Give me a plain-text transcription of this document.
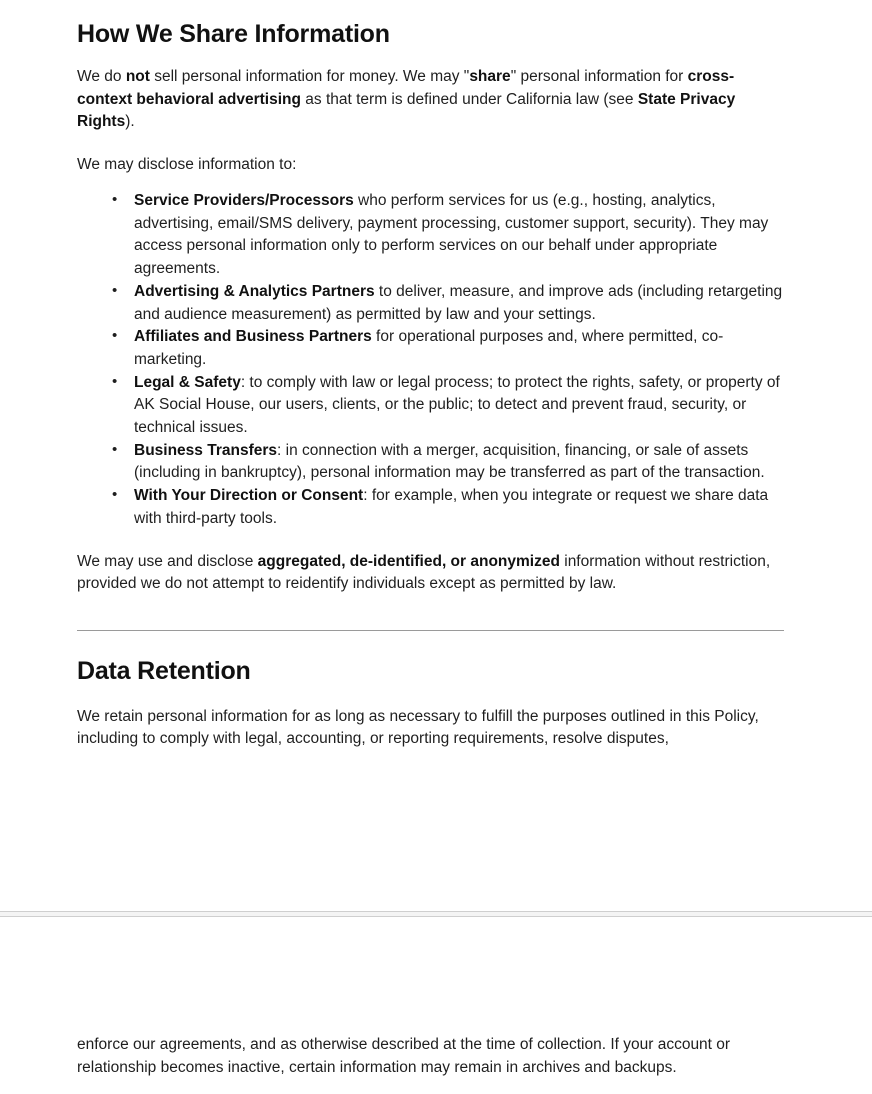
How We Share Information

We do not sell personal information for money. We may "share" personal information for cross-context behavioral advertising as that term is defined under California law (see State Privacy Rights).

We may disclose information to:

• Service Providers/Processors who perform services for us (e.g., hosting, analytics, advertising, email/SMS delivery, payment processing, customer support, security). They may access personal information only to perform services on our behalf under appropriate agreements.
• Advertising & Analytics Partners to deliver, measure, and improve ads (including retargeting and audience measurement) as permitted by law and your settings.
• Affiliates and Business Partners for operational purposes and, where permitted, co-marketing.
• Legal & Safety: to comply with law or legal process; to protect the rights, safety, or property of AK Social House, our users, clients, or the public; to detect and prevent fraud, security, or technical issues.
• Business Transfers: in connection with a merger, acquisition, financing, or sale of assets (including in bankruptcy), personal information may be transferred as part of the transaction.
• With Your Direction or Consent: for example, when you integrate or request we share data with third-party tools.

We may use and disclose aggregated, de-identified, or anonymized information without restriction, provided we do not attempt to reidentify individuals except as permitted by law.

Data Retention

We retain personal information for as long as necessary to fulfill the purposes outlined in this Policy, including to comply with legal, accounting, or reporting requirements, resolve disputes,

enforce our agreements, and as otherwise described at the time of collection. If your account or relationship becomes inactive, certain information may remain in archives and backups.
